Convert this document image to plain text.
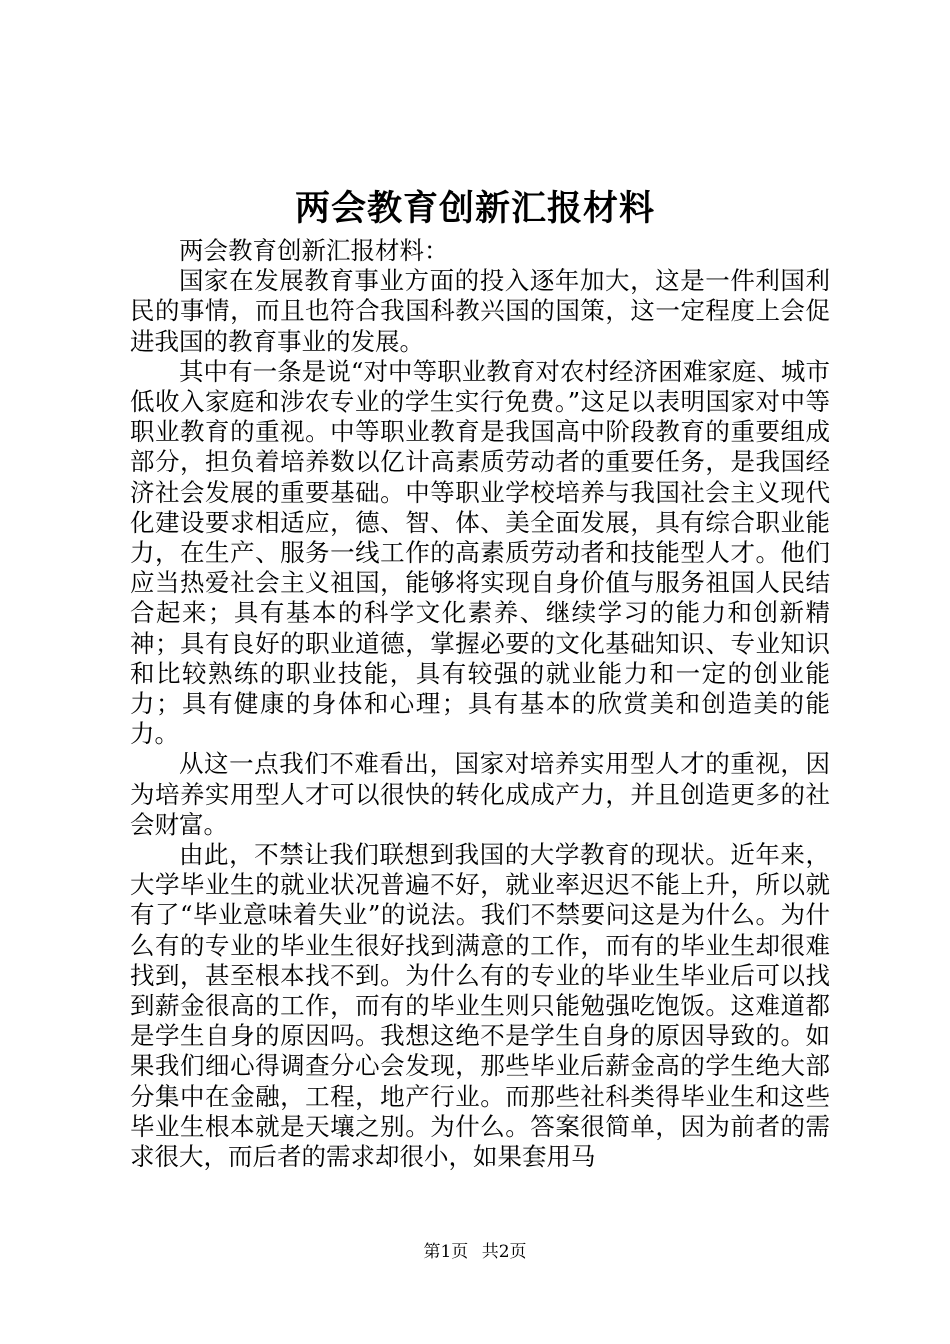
两会教育创新汇报材料

两会教育创新汇报材料：

国家在发展教育事业方面的投入逐年加大，这是一件利国利民的事情，而且也符合我国科教兴国的国策，这一定程度上会促进我国的教育事业的发展。

其中有一条是说“对中等职业教育对农村经济困难家庭、城市低收入家庭和涉农专业的学生实行免费。”这足以表明国家对中等职业教育的重视。中等职业教育是我国高中阶段教育的重要组成部分，担负着培养数以亿计高素质劳动者的重要任务，是我国经济社会发展的重要基础。中等职业学校培养与我国社会主义现代化建设要求相适应，德、智、体、美全面发展，具有综合职业能力，在生产、服务一线工作的高素质劳动者和技能型人才。他们应当热爱社会主义祖国，能够将实现自身价值与服务祖国人民结合起来；具有基本的科学文化素养、继续学习的能力和创新精神；具有良好的职业道德，掌握必要的文化基础知识、专业知识和比较熟练的职业技能，具有较强的就业能力和一定的创业能力；具有健康的身体和心理；具有基本的欣赏美和创造美的能力。

从这一点我们不难看出，国家对培养实用型人才的重视，因为培养实用型人才可以很快的转化成成产力，并且创造更多的社会财富。

由此，不禁让我们联想到我国的大学教育的现状。近年来，大学毕业生的就业状况普遍不好，就业率迟迟不能上升，所以就有了“毕业意味着失业”的说法。我们不禁要问这是为什么。为什么有的专业的毕业生很好找到满意的工作，而有的毕业生却很难找到，甚至根本找不到。为什么有的专业的毕业生毕业后可以找到薪金很高的工作，而有的毕业生则只能勉强吃饱饭。这难道都是学生自身的原因吗。我想这绝不是学生自身的原因导致的。如果我们细心得调查分心会发现，那些毕业后薪金高的学生绝大部分集中在金融，工程，地产行业。而那些社科类得毕业生和这些毕业生根本就是天壤之别。为什么。答案很简单，因为前者的需求很大，而后者的需求却很小，如果套用马

第1页 共2页
